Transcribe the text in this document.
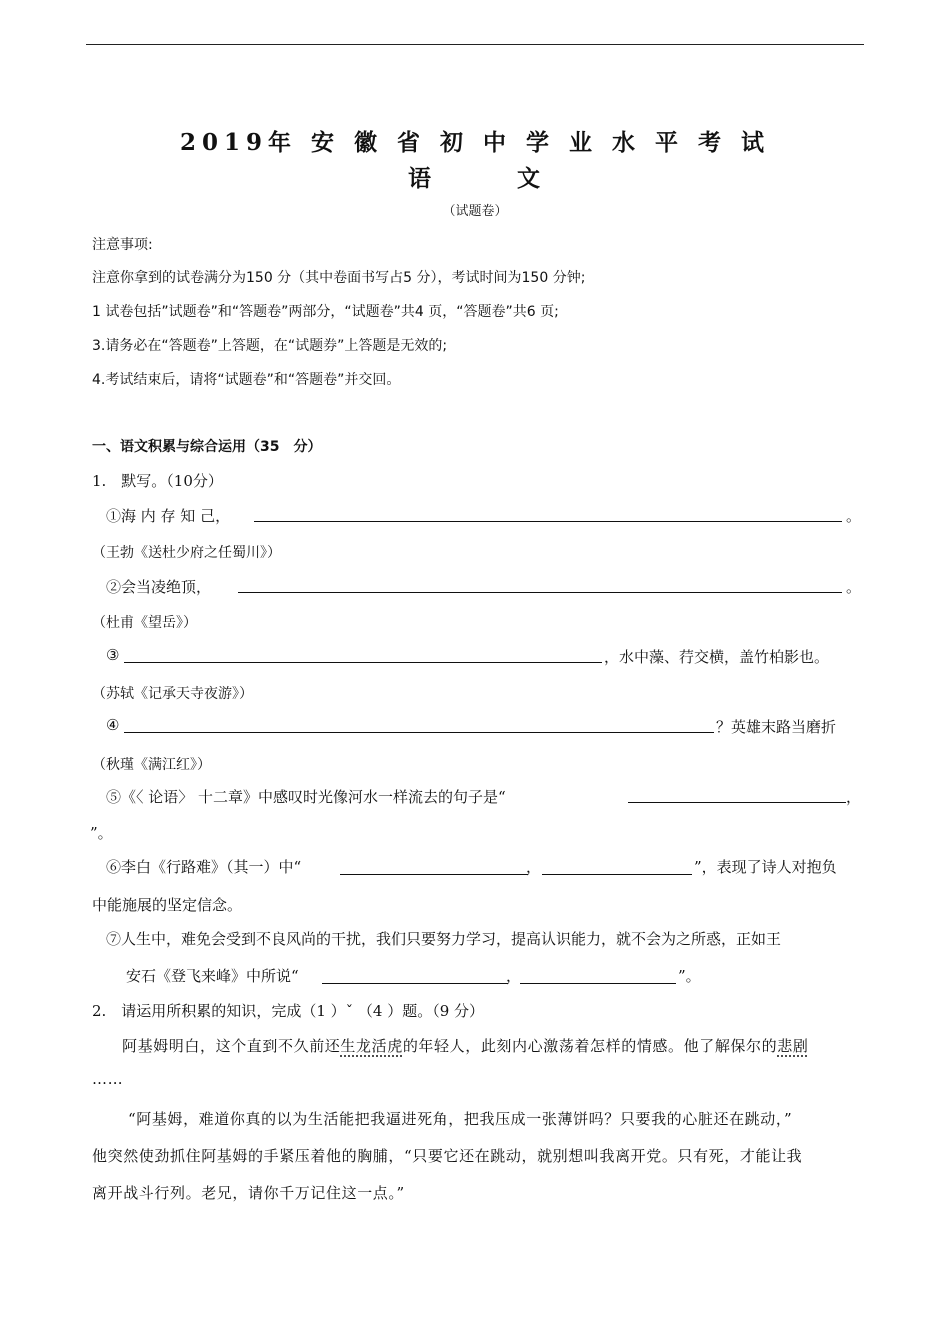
2019年 安 徽 省 初 中 学 业 水 平 考 试
语	文
（试题卷）
注意事项:
注意你拿到的试卷满分为150 分（其中卷面书写占5 分），考试时间为150 分钟;
1 试卷包括”试题卷”和“答题卷”两部分，“试题卷”共4 页，“答题卷”共6 页;
3.请务必在“答题卷”上答题，在“试题券”上答题是无效的;
4.考试结束后，请将“试题卷”和“答题卷”并交回。
一、语文积累与综合运用（35　分）
1.　默写。（10分）
①海 内 存 知 己，	。
（王勃《送杜少府之任蜀川》）
②会当凌绝顶，	。
（杜甫《望岳》）
③	，水中藻、荇交横，盖竹柏影也。
（苏轼《记承天寺夜游》）
④	？英雄末路当磨折
（秋瑾《满江红》）
⑤《〈 论语〉 十二章》中感叹时光像河水一样流去的句子是“	，
”。
⑥李白《行路难》（其一）中“	，	”，表现了诗人对抱负
中能施展的坚定信念。
⑦人生中，难免会受到不良风尚的干扰，我们只要努力学习，提高认识能力，就不会为之所惑，正如王
安石《登飞来峰》中所说“	，	”。
2.　请运用所积累的知识，完成（1 ）ˇ （4 ）题。（9 分）
阿基姆明白，这个直到不久前还生龙活虎的年轻人，此刻内心激荡着怎样的情感。他了解保尔的悲剧
……
“阿基姆，难道你真的以为生活能把我逼进死角，把我压成一张薄饼吗？只要我的心脏还在跳动，”
他突然使劲抓住阿基姆的手紧压着他的胸脯，“只要它还在跳动，就别想叫我离开党。只有死，才能让我
离开战斗行列。老兄，请你千万记住这一点。”
